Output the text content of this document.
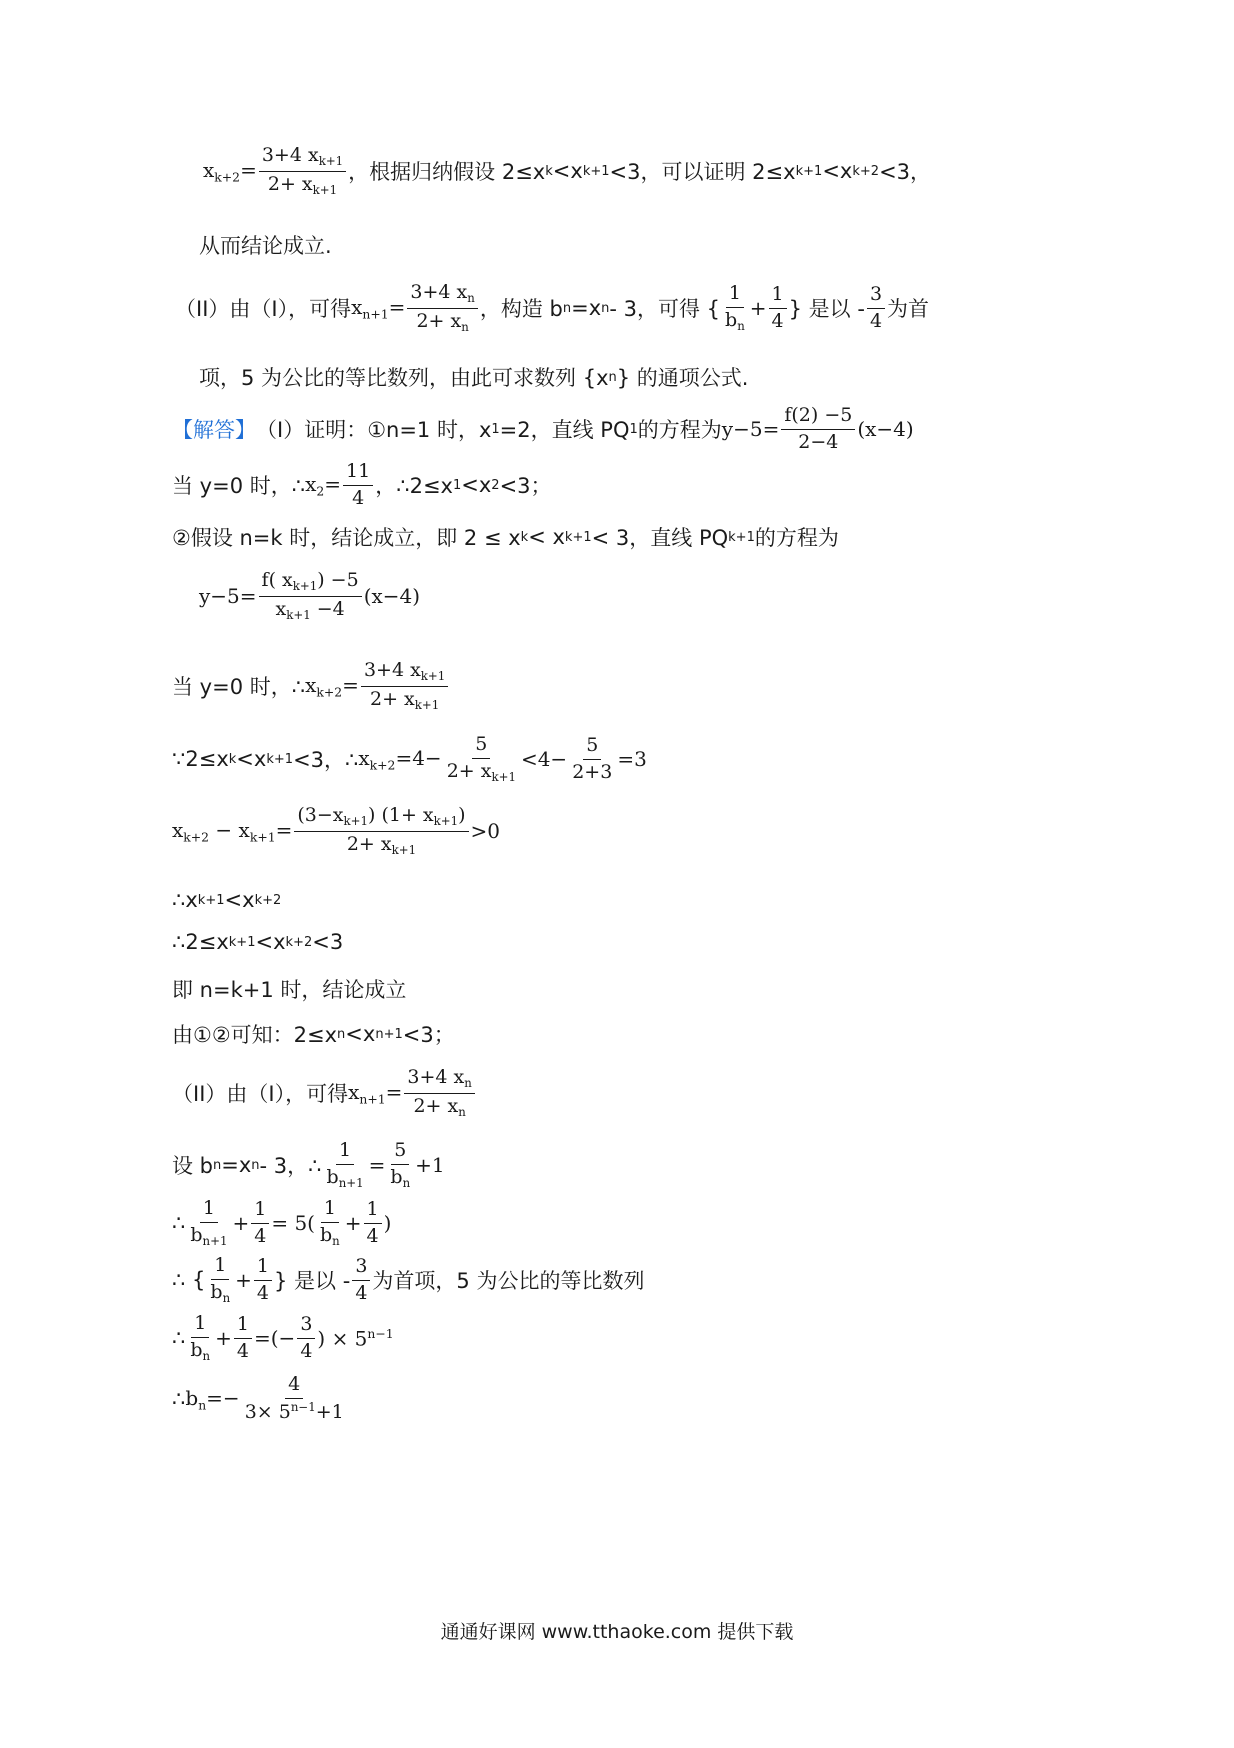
$x_{k+2}= \frac{3+4 x_{k+1}}{2+ x_{k+1}}$ ，根据归纳假设 2≤x k <x k+1 <3，可以证明 2≤x k+1 <x k+2 <3，
从而结论成立.
（II）由（I），可得 $x_{n+1}= \frac{3+4 x_n}{2+ x_n}$ ，构造 b n =x n - 3，可得 { $\frac{1}{b_n} + \frac{1}{4}$ } 是以 - $\frac{3}{4}$ 为首
项，5 为公比的等比数列，由此可求数列 {x n } 的通项公式.
【解答】 （I）证明：①n=1 时，x 1 =2，直线 PQ 1 的方程为 $y-5= \frac{f(2) -5}{2-4} (x-4)$
当 y=0 时，∴ $x_2= \frac{11}{4}$ ，∴2≤x 1 <x 2 <3；
②假设 n=k 时，结论成立，即 2 ≤ x k < x k+1 < 3，直线 PQ k+1 的方程为
$y-5= \frac{f( x_{k+1}) -5}{x_{k+1} -4} (x-4)$
当 y=0 时，∴ $x_{k+2}= \frac{3+4 x_{k+1}}{2+ x_{k+1}}$
∵2≤x k <x k+1 <3，∴ $x_{k+2}=4- \frac{5}{2+ x_{k+1}} <4- \frac{5}{2+3} =3$
$x_{k+2} - x_{k+1}= \frac{(3-x_{k+1}) (1+ x_{k+1})}{2+ x_{k+1}} >0$
∴x k+1 <x k+2
∴2≤x k+1 <x k+2 <3
即 n=k+1 时，结论成立
由①②可知：2≤x n <x n+1 <3；
（II）由（I），可得 $x_{n+1}= \frac{3+4 x_n}{2+ x_n}$
设 b n =x n - 3，∴ $\frac{1}{b_{n+1}} = \frac{5}{b_n} +1$
∴ $\frac{1}{b_{n+1}} + \frac{1}{4} = 5( \frac{1}{b_n} + \frac{1}{4}$ )
∴ { $\frac{1}{b_n} + \frac{1}{4}$ } 是以 - $\frac{3}{4}$ 为首项，5 为公比的等比数列
∴ $\frac{1}{b_n} + \frac{1}{4}$ =(− $\frac{3}{4}$ ) × $5^{n-1}$
∴ $b_n=- \frac{4}{3\times 5^{n-1}+1}$
通通好课网 www.tthaoke.com 提供下载
